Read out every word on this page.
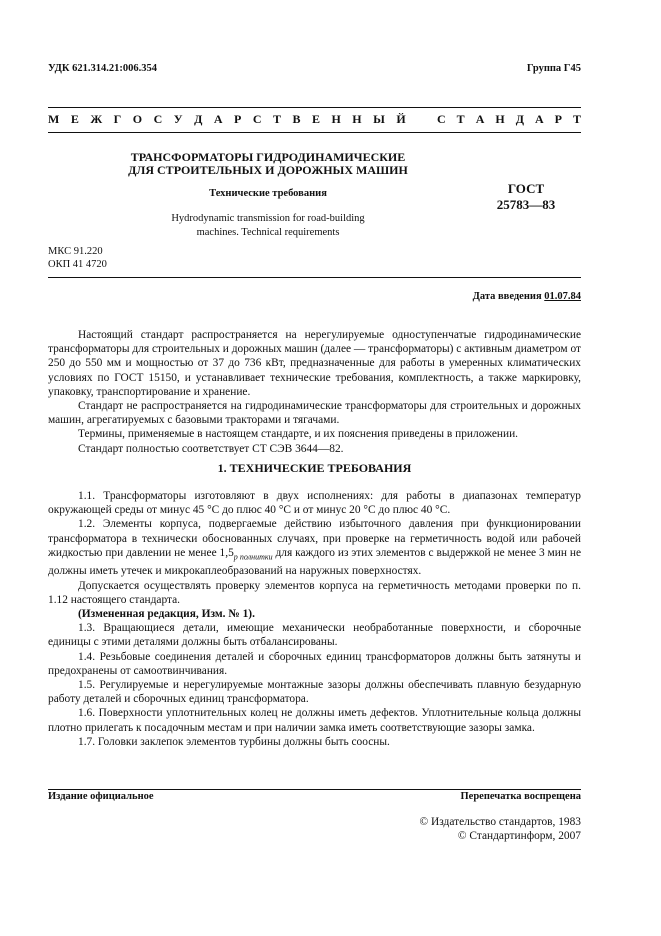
УДК 621.314.21:006.354	Группа Г45
М Е Ж Г О С У Д А Р С Т В Е Н Н Ы Й	С Т А Н Д А Р Т
ТРАНСФОРМАТОРЫ ГИДРОДИНАМИЧЕСКИЕ
ДЛЯ СТРОИТЕЛЬНЫХ И ДОРОЖНЫХ МАШИН
Технические требования
Hydrodynamic transmission for road-building
machines. Technical requirements
ГОСТ
25783—83
МКС 91.220
ОКП 41 4720
Дата введения 01.07.84

Настоящий стандарт распространяется на нерегулируемые одноступенчатые гидродинамические трансформаторы для строительных и дорожных машин (далее — трансформаторы) с активным диаметром от 250 до 550 мм и мощностью от 37 до 736 кВт, предназначенные для работы в умеренных климатических условиях по ГОСТ 15150, и устанавливает технические требования, комплектность, а также маркировку, упаковку, транспортирование и хранение.

Стандарт не распространяется на гидродинамические трансформаторы для строительных и дорожных машин, агрегатируемых с базовыми тракторами и тягачами.

Термины, применяемые в настоящем стандарте, и их пояснения приведены в приложении.

Стандарт полностью соответствует СТ СЭВ 3644—82.

1. ТЕХНИЧЕСКИЕ ТРЕБОВАНИЯ

1.1. Трансформаторы изготовляют в двух исполнениях: для работы в диапазонах температур окружающей среды от минус 45 °С до плюс 40 °С и от минус 20 °С до плюс 40 °С.

1.2. Элементы корпуса, подвергаемые действию избыточного давления при функционировании трансформатора в технически обоснованных случаях, при проверке на герметичность водой или рабочей жидкостью при давлении не менее $1,5_{р полнитки}$ для каждого из этих элементов с выдержкой не менее 3 мин не должны иметь утечек и микрокаплеобразований на наружных поверхностях.

Допускается осуществлять проверку элементов корпуса на герметичность методами проверки по п. 1.12 настоящего стандарта.

(Измененная редакция, Изм. № 1).

1.3. Вращающиеся детали, имеющие механически необработанные поверхности, и сборочные единицы с этими деталями должны быть отбалансированы.

1.4. Резьбовые соединения деталей и сборочных единиц трансформаторов должны быть затянуты и предохранены от самоотвинчивания.

1.5. Регулируемые и нерегулируемые монтажные зазоры должны обеспечивать плавную безударную работу деталей и сборочных единиц трансформатора.

1.6. Поверхности уплотнительных колец не должны иметь дефектов. Уплотнительные кольца должны плотно прилегать к посадочным местам и при наличии замка иметь соответствующие зазоры замка.

1.7. Головки заклепок элементов турбины должны быть соосны.

Издание официальное	Перепечатка воспрещена
© Издательство стандартов, 1983
© Стандартинформ, 2007
